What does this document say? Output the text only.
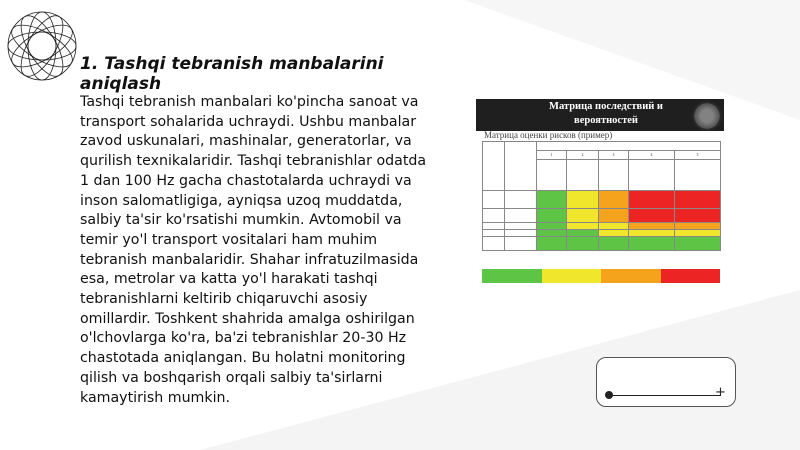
1. Tashqi tebranish manbalarini aniqlash

Tashqi tebranish manbalari ko'pincha sanoat va transport sohalarida uchraydi. Ushbu manbalar zavod uskunalari, mashinalar, generatorlar, va qurilish texnikalaridir. Tashqi tebranishlar odatda 1 dan 100 Hz gacha chastotalarda uchraydi va inson salomatligiga, ayniqsa uzoq muddatda, salbiy ta'sir ko'rsatishi mumkin. Avtomobil va temir yo'l transport vositalari ham muhim tebranish manbalaridir. Shahar infratuzilmasida esa, metrolar va katta yo'l harakati tashqi tebranishlarni keltirib chiqaruvchi asosiy omillardir. Toshkent shahrida amalga oshirilgan o'lchovlarga ko'ra, ba'zi tebranishlar 20-30 Hz chastotada aniqlangan. Bu holatni monitoring qilish va boshqarish orqali salbiy ta'sirlarni kamaytirish mumkin.

Матрица последствий и вероятностей
Матрица оценки рисков (пример)

		1	2	3	4	5

+
